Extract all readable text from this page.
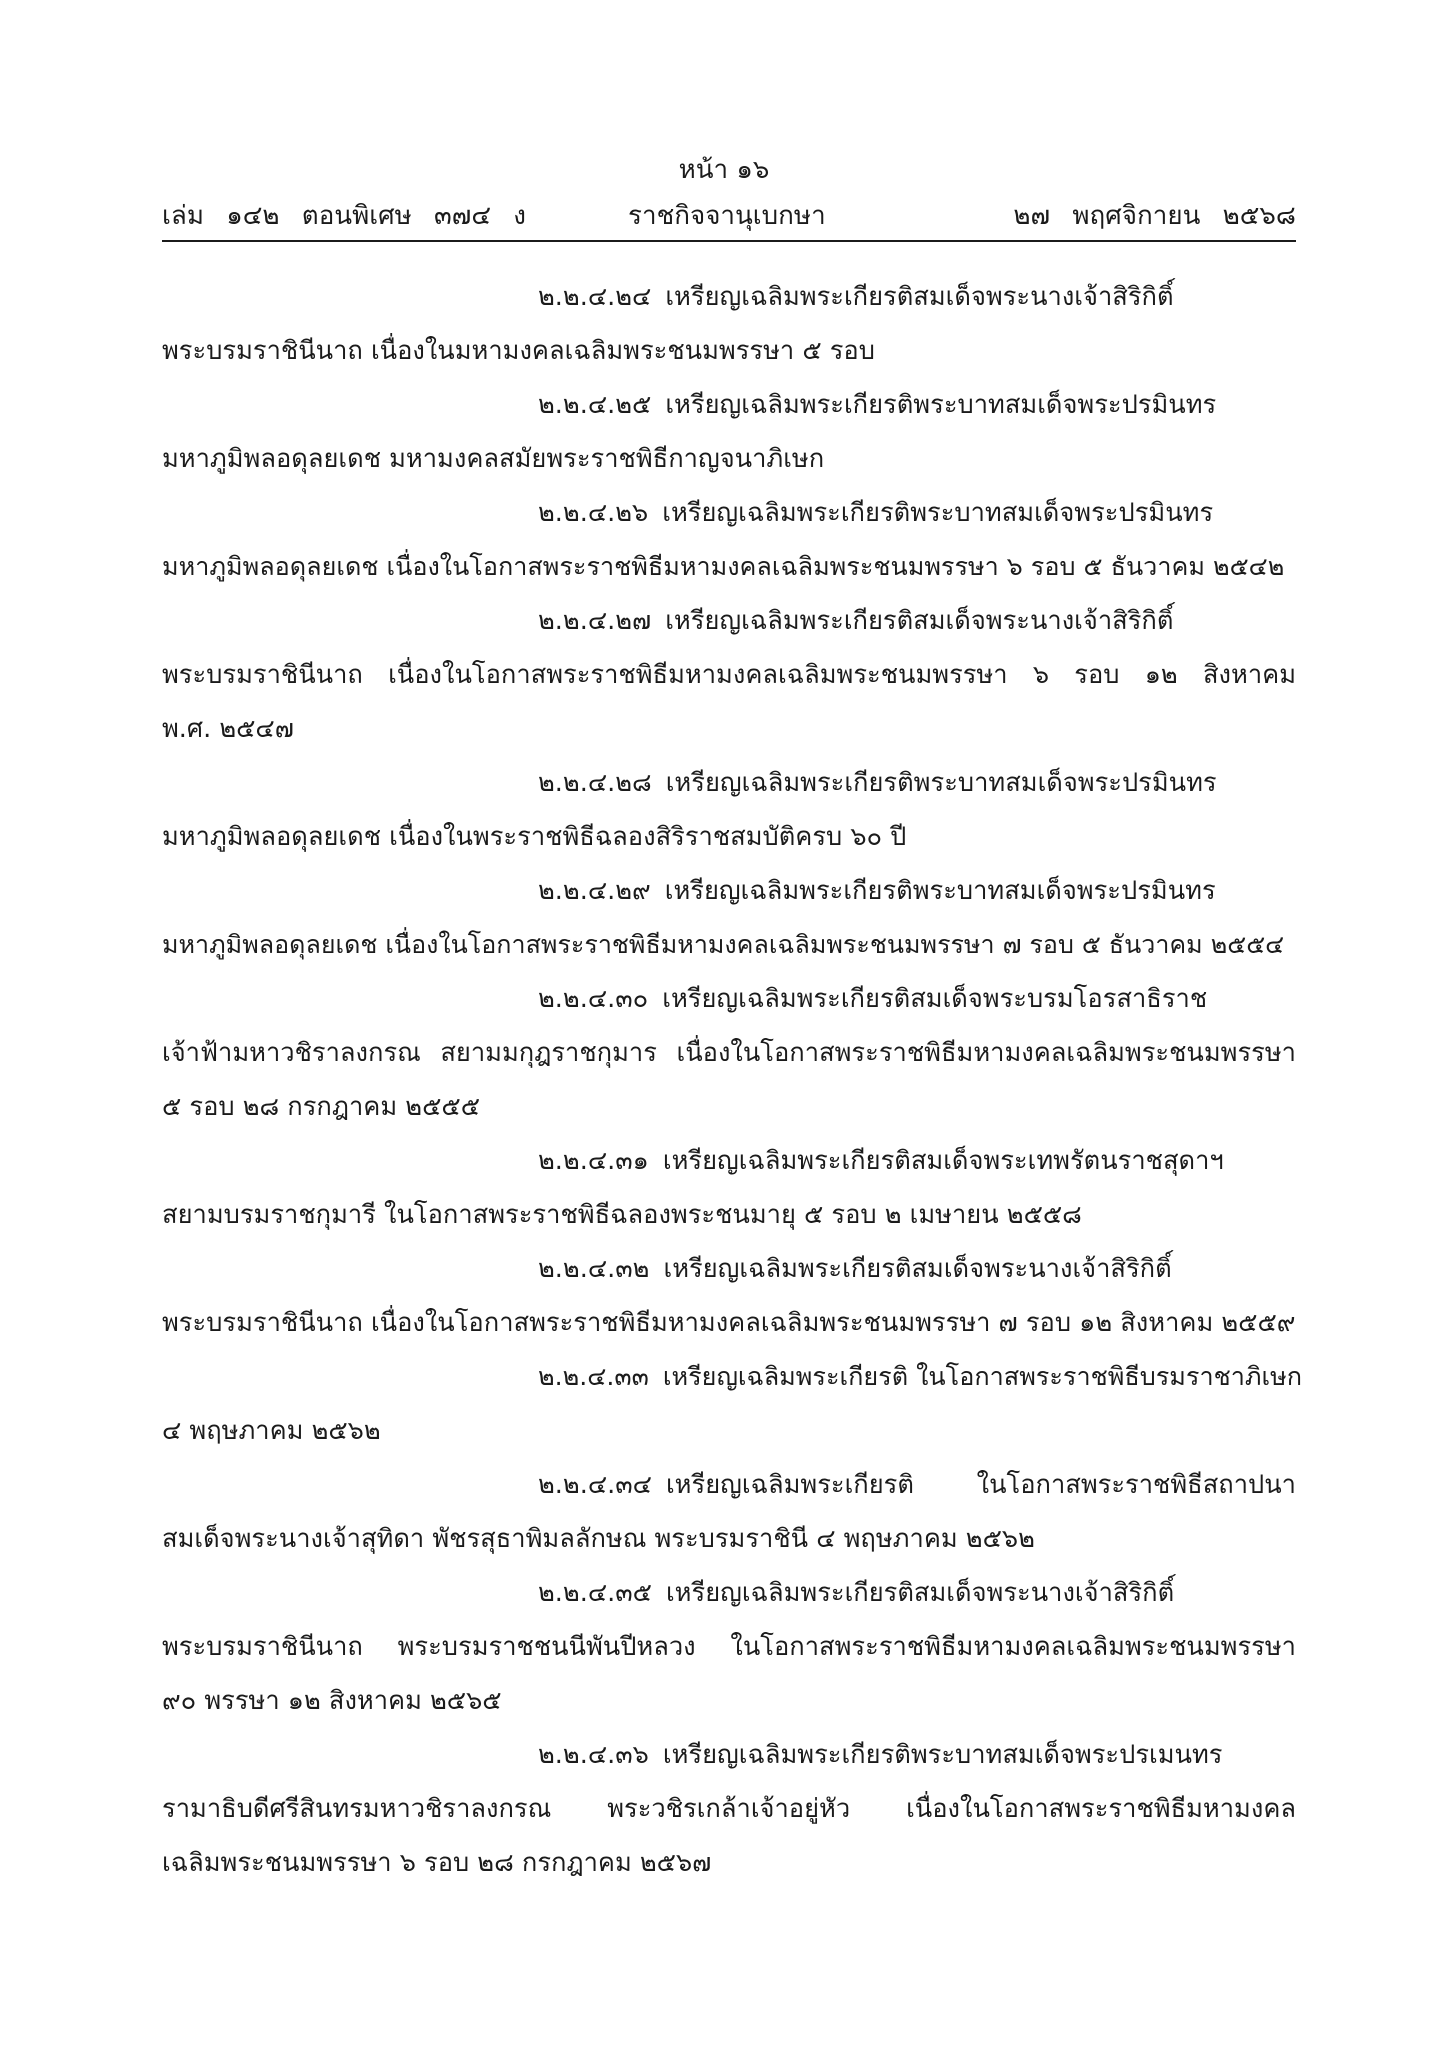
หน้า ๑๖
เล่ม ๑๔๒ ตอนพิเศษ ๓๗๔ ง	ราชกิจจานุเบกษา	๒๗ พฤศจิกายน ๒๕๖๘
๒.๒.๔.๒๔ เหรียญเฉลิมพระเกียรติสมเด็จพระนางเจ้าสิริกิติ์
พระบรมราชินีนาถ เนื่องในมหามงคลเฉลิมพระชนมพรรษา ๕ รอบ
๒.๒.๔.๒๕ เหรียญเฉลิมพระเกียรติพระบาทสมเด็จพระปรมินทร
มหาภูมิพลอดุลยเดช มหามงคลสมัยพระราชพิธีกาญจนาภิเษก
๒.๒.๔.๒๖ เหรียญเฉลิมพระเกียรติพระบาทสมเด็จพระปรมินทร
มหาภูมิพลอดุลยเดช เนื่องในโอกาสพระราชพิธีมหามงคลเฉลิมพระชนมพรรษา ๖ รอบ ๕ ธันวาคม ๒๕๔๒
๒.๒.๔.๒๗ เหรียญเฉลิมพระเกียรติสมเด็จพระนางเจ้าสิริกิติ์
พระบรมราชินีนาถ เนื่องในโอกาสพระราชพิธีมหามงคลเฉลิมพระชนมพรรษา ๖ รอบ ๑๒ สิงหาคม
พ.ศ. ๒๕๔๗
๒.๒.๔.๒๘ เหรียญเฉลิมพระเกียรติพระบาทสมเด็จพระปรมินทร
มหาภูมิพลอดุลยเดช เนื่องในพระราชพิธีฉลองสิริราชสมบัติครบ ๖๐ ปี
๒.๒.๔.๒๙ เหรียญเฉลิมพระเกียรติพระบาทสมเด็จพระปรมินทร
มหาภูมิพลอดุลยเดช เนื่องในโอกาสพระราชพิธีมหามงคลเฉลิมพระชนมพรรษา ๗ รอบ ๕ ธันวาคม ๒๕๕๔
๒.๒.๔.๓๐ เหรียญเฉลิมพระเกียรติสมเด็จพระบรมโอรสาธิราช
เจ้าฟ้ามหาวชิราลงกรณ สยามมกุฎราชกุมาร เนื่องในโอกาสพระราชพิธีมหามงคลเฉลิมพระชนมพรรษา
๕ รอบ ๒๘ กรกฎาคม ๒๕๕๕
๒.๒.๔.๓๑ เหรียญเฉลิมพระเกียรติสมเด็จพระเทพรัตนราชสุดาฯ
สยามบรมราชกุมารี ในโอกาสพระราชพิธีฉลองพระชนมายุ ๕ รอบ ๒ เมษายน ๒๕๕๘
๒.๒.๔.๓๒ เหรียญเฉลิมพระเกียรติสมเด็จพระนางเจ้าสิริกิติ์
พระบรมราชินีนาถ เนื่องในโอกาสพระราชพิธีมหามงคลเฉลิมพระชนมพรรษา ๗ รอบ ๑๒ สิงหาคม ๒๕๕๙
๒.๒.๔.๓๓ เหรียญเฉลิมพระเกียรติ ในโอกาสพระราชพิธีบรมราชาภิเษก
๔ พฤษภาคม ๒๕๖๒
๒.๒.๔.๓๔ เหรียญเฉลิมพระเกียรติ ในโอกาสพระราชพิธีสถาปนา
สมเด็จพระนางเจ้าสุทิดา พัชรสุธาพิมลลักษณ พระบรมราชินี ๔ พฤษภาคม ๒๕๖๒
๒.๒.๔.๓๕ เหรียญเฉลิมพระเกียรติสมเด็จพระนางเจ้าสิริกิติ์
พระบรมราชินีนาถ พระบรมราชชนนีพันปีหลวง ในโอกาสพระราชพิธีมหามงคลเฉลิมพระชนมพรรษา
๙๐ พรรษา ๑๒ สิงหาคม ๒๕๖๕
๒.๒.๔.๓๖ เหรียญเฉลิมพระเกียรติพระบาทสมเด็จพระปรเมนทร
รามาธิบดีศรีสินทรมหาวชิราลงกรณ พระวชิรเกล้าเจ้าอยู่หัว เนื่องในโอกาสพระราชพิธีมหามงคล
เฉลิมพระชนมพรรษา ๖ รอบ ๒๘ กรกฎาคม ๒๕๖๗
